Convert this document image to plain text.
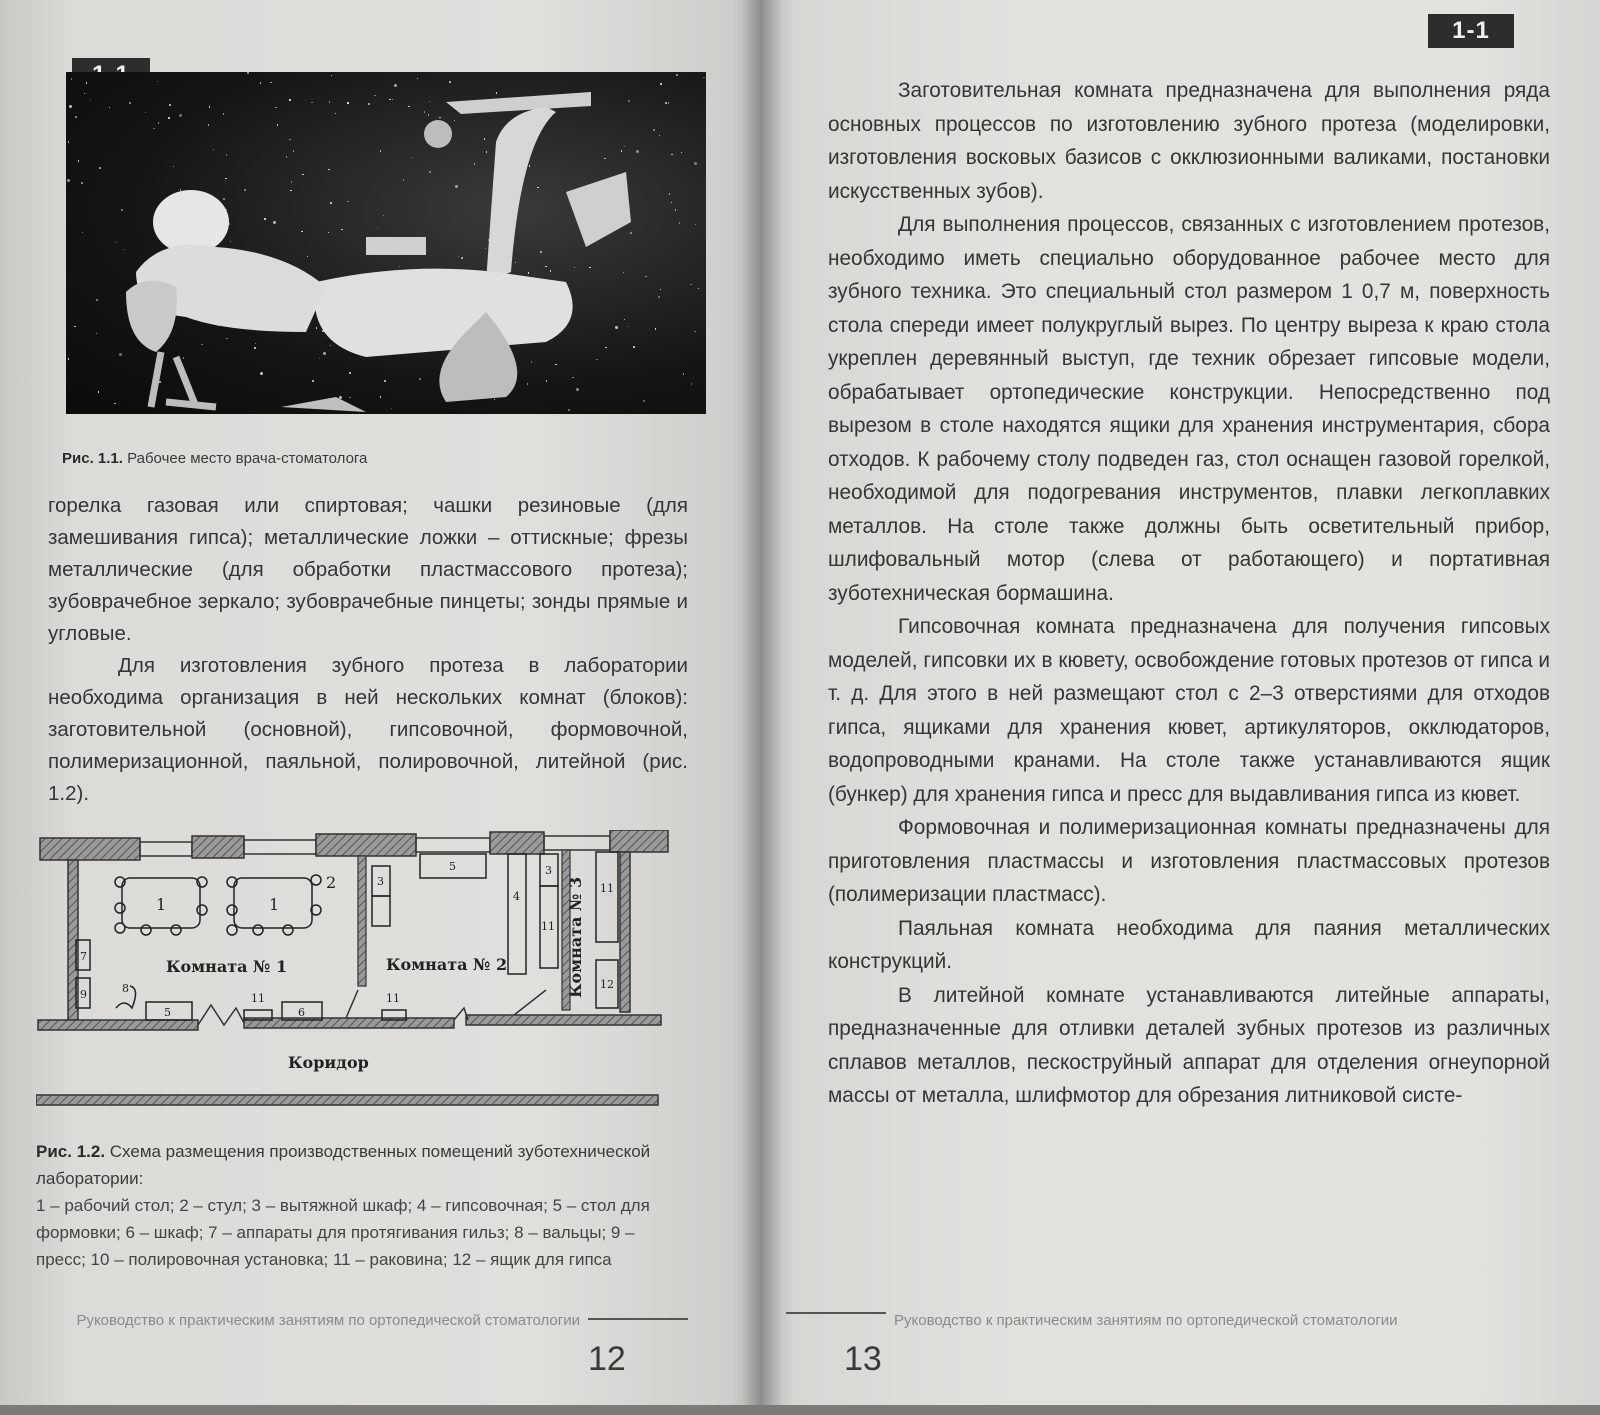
Рис. 1.1. Рабочее место врача-стоматолога

горелка газовая или спиртовая; чашки резиновые (для замешивания гипса); металлические ложки – оттискные; фрезы металлические (для обработки пластмассового протеза); зубоврачебное зеркало; зубоврачебные пинцеты; зонды прямые и угловые.

Для изготовления зубного протеза в лаборатории необходима организация в ней нескольких комнат (блоков): заготовительной (основной), гипсовочной, формовочной, полимеризационной, паяльной, полировочной, литейной (рис. 1.2).

1	1
2	3
5
4
3
11
11
12
7
9	8
5
11
6
11
Комната № 1	Комната № 2	Комната № 3
Коридор
Рис. 1.2. Схема размещения производственных помещений зуботехнической лаборатории:
1 – рабочий стол; 2 – стул; 3 – вытяжной шкаф; 4 – гипсовочная; 5 – стол для формовки; 6 – шкаф; 7 – аппараты для протягивания гильз; 8 – вальцы; 9 – пресс; 10 – полировочная установка; 11 – раковина; 12 – ящик для гипса
Руководство к практическим занятиям по ортопедической стоматологии
12
1-1

Заготовительная комната предназначена для выполнения ряда основных процессов по изготовлению зубного протеза (моделировки, изготовления восковых базисов с окклюзионными валиками, постановки искусственных зубов).

Для выполнения процессов, связанных с изготовлением протезов, необходимо иметь специально оборудованное рабочее место для зубного техника. Это специальный стол размером 1 0,7 м, поверхность стола спереди имеет полукруглый вырез. По центру выреза к краю стола укреплен деревянный выступ, где техник обрезает гипсовые модели, обрабатывает ортопедические конструкции. Непосредственно под вырезом в столе находятся ящики для хранения инструментария, сбора отходов. К рабочему столу подведен газ, стол оснащен газовой горелкой, необходимой для подогревания инструментов, плавки легкоплавких металлов. На столе также должны быть осветительный прибор, шлифовальный мотор (слева от работающего) и портативная зуботехническая бормашина.

Гипсовочная комната предназначена для получения гипсовых моделей, гипсовки их в кювету, освобождение готовых протезов от гипса и т. д. Для этого в ней размещают стол с 2–3 отверстиями для отходов гипса, ящиками для хранения кювет, артикуляторов, окклюдаторов, водопроводными кранами. На столе также устанавливаются ящик (бункер) для хранения гипса и пресс для выдавливания гипса из кювет.

Формовочная и полимеризационная комнаты предназначены для приготовления пластмассы и изготовления пластмассовых протезов (полимеризации пластмасс).

Паяльная комната необходима для паяния металлических конструкций.

В литейной комнате устанавливаются литейные аппараты, предназначенные для отливки деталей зубных протезов из различных сплавов металлов, пескоструйный аппарат для отделения огнеупорной массы от металла, шлифмотор для обрезания литниковой систе-

13
Руководство к практическим занятиям по ортопедической стоматологии
